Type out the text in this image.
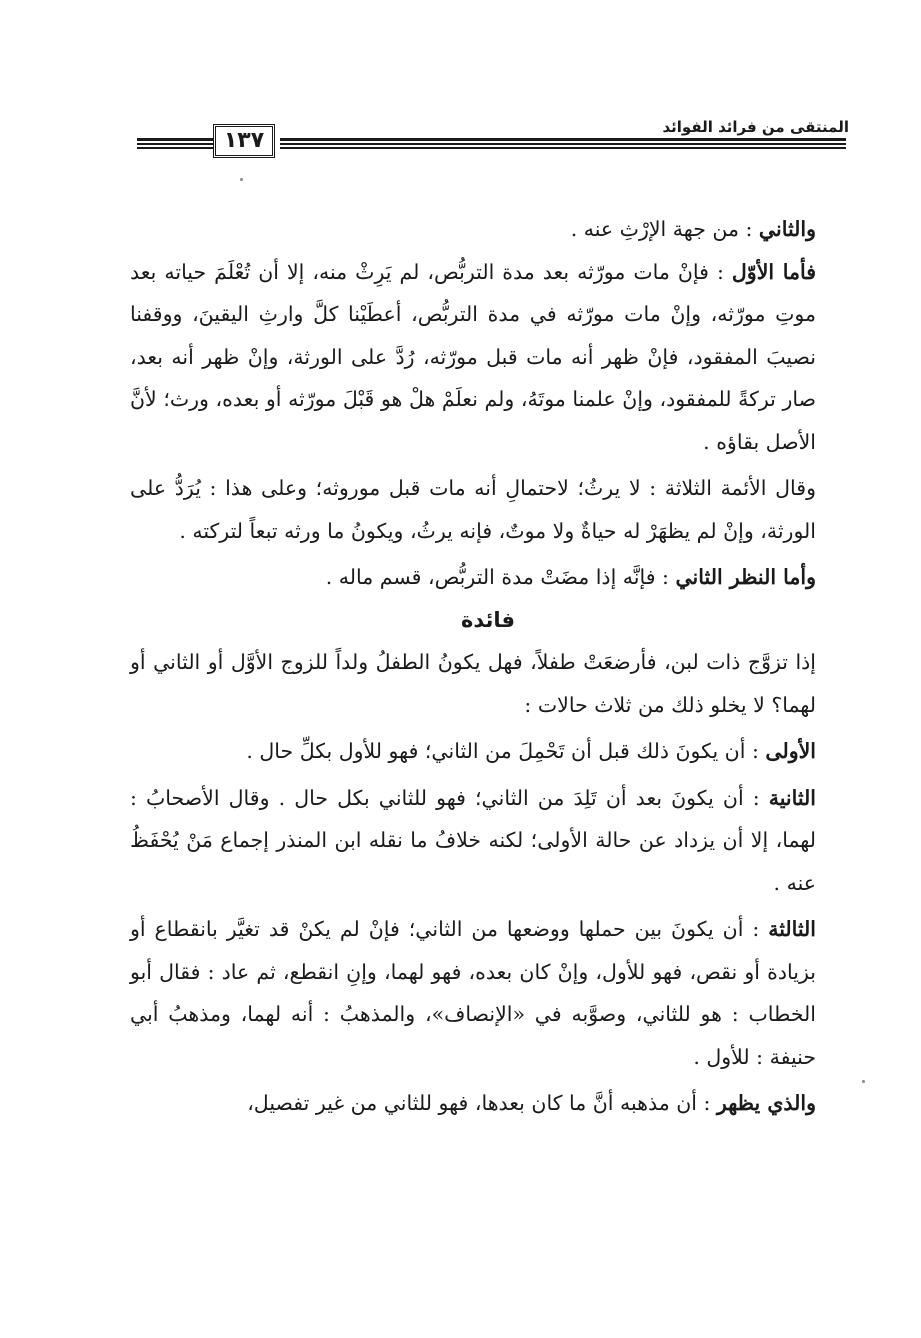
المنتقى من فرائد الفوائد
١٣٧

والثاني : من جهة الإرْثِ عنه .

فأما الأوّل : فإنْ مات مورّثه بعد مدة التربُّص، لم يَرِثْ منه، إلا أن تُعْلَمَ حياته بعد موتِ مورّثه، وإنْ مات مورّثه في مدة التربُّص، أعطَيْنا كلَّ وارثِ اليقينَ، ووقفنا نصيبَ المفقود، فإنْ ظهر أنه مات قبل مورّثه، رُدَّ على الورثة، وإنْ ظهر أنه بعد، صار تركةً للمفقود، وإنْ علمنا موتَهُ، ولم نعلَمْ هلْ هو قَبْلَ مورّثه أو بعده، ورث؛ لأنَّ الأصل بقاؤه .

وقال الأئمة الثلاثة : لا يرثُ؛ لاحتمالِ أنه مات قبل موروثه؛ وعلى هذا : يُرَدُّ على الورثة، وإنْ لم يظهَرْ له حياةٌ ولا موتٌ، فإنه يرثُ، ويكونُ ما ورثه تبعاً لتركته .

وأما النظر الثاني : فإنَّه إذا مضَتْ مدة التربُّص، قسم ماله .

فائدة

إذا تزوَّج ذات لبن، فأرضعَتْ طفلاً، فهل يكونُ الطفلُ ولداً للزوج الأوَّل أو الثاني أو لهما؟ لا يخلو ذلك من ثلاث حالات :

الأولى : أن يكونَ ذلك قبل أن تَحْمِلَ من الثاني؛ فهو للأول بكلِّ حال .

الثانية : أن يكونَ بعد أن تَلِدَ من الثاني؛ فهو للثاني بكل حال . وقال الأصحابُ : لهما، إلا أن يزداد عن حالة الأولى؛ لكنه خلافُ ما نقله ابن المنذر إجماع مَنْ يُحْفَظُ عنه .

الثالثة : أن يكونَ بين حملها ووضعها من الثاني؛ فإنْ لم يكنْ قد تغيَّر بانقطاع أو بزيادة أو نقص، فهو للأول، وإنْ كان بعده، فهو لهما، وإنِ انقطع، ثم عاد : فقال أبو الخطاب : هو للثاني، وصوَّبه في «الإنصاف»، والمذهبُ : أنه لهما، ومذهبُ أبي حنيفة : للأول .

والذي يظهر : أن مذهبه أنَّ ما كان بعدها، فهو للثاني من غير تفصيل،
